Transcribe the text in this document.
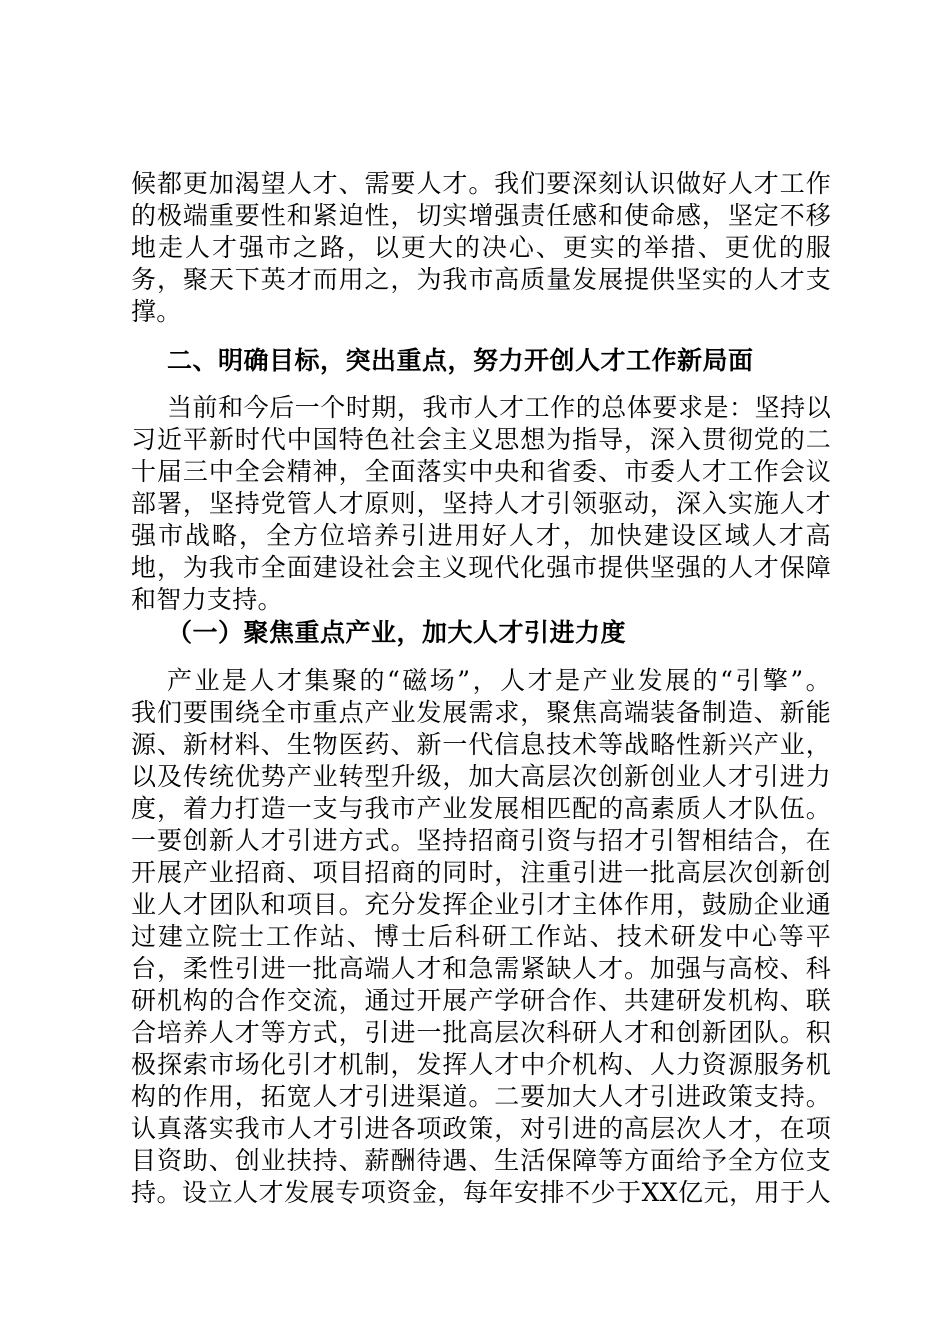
候都更加渴望人才、需要人才。我们要深刻认识做好人才工作
的极端重要性和紧迫性，切实增强责任感和使命感，坚定不移
地走人才强市之路，以更大的决心、更实的举措、更优的服
务，聚天下英才而用之，为我市高质量发展提供坚实的人才支
撑。
二、明确目标，突出重点，努力开创人才工作新局面
当前和今后一个时期，我市人才工作的总体要求是：坚持以
习近平新时代中国特色社会主义思想为指导，深入贯彻党的二
十届三中全会精神，全面落实中央和省委、市委人才工作会议
部署，坚持党管人才原则，坚持人才引领驱动，深入实施人才
强市战略，全方位培养引进用好人才，加快建设区域人才高
地，为我市全面建设社会主义现代化强市提供坚强的人才保障
和智力支持。
（一）聚焦重点产业，加大人才引进力度
产业是人才集聚的“磁场”，人才是产业发展的“引擎”。
我们要围绕全市重点产业发展需求，聚焦高端装备制造、新能
源、新材料、生物医药、新一代信息技术等战略性新兴产业，
以及传统优势产业转型升级，加大高层次创新创业人才引进力
度，着力打造一支与我市产业发展相匹配的高素质人才队伍。
一要创新人才引进方式。坚持招商引资与招才引智相结合，在
开展产业招商、项目招商的同时，注重引进一批高层次创新创
业人才团队和项目。充分发挥企业引才主体作用，鼓励企业通
过建立院士工作站、博士后科研工作站、技术研发中心等平
台，柔性引进一批高端人才和急需紧缺人才。加强与高校、科
研机构的合作交流，通过开展产学研合作、共建研发机构、联
合培养人才等方式，引进一批高层次科研人才和创新团队。积
极探索市场化引才机制，发挥人才中介机构、人力资源服务机
构的作用，拓宽人才引进渠道。二要加大人才引进政策支持。
认真落实我市人才引进各项政策，对引进的高层次人才，在项
目资助、创业扶持、薪酬待遇、生活保障等方面给予全方位支
持。设立人才发展专项资金，每年安排不少于XX亿元，用于人
